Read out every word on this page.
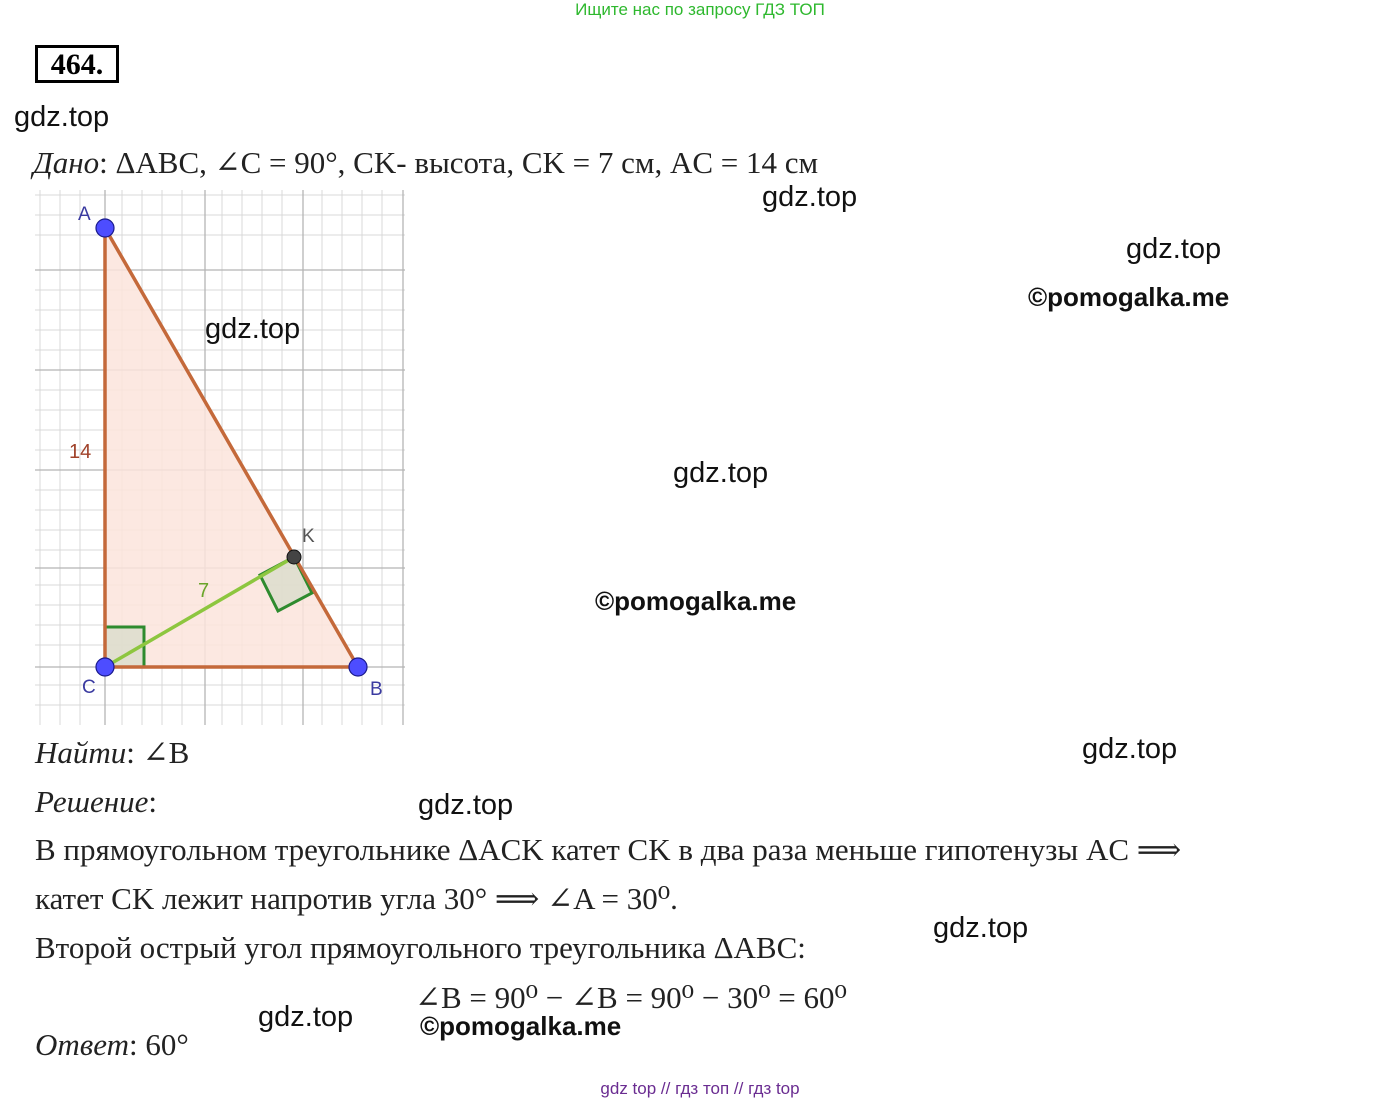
Ищите нас по запросу ГДЗ ТОП
464.
gdz.top
Дано: ΔABC, ∠C = 90°, CK- высота, CK = 7 см, AC = 14 см
gdz.top
gdz.top
©pomogalka.me
A
C	B
K
14
7
gdz.top
gdz.top
©pomogalka.me
Найти: ∠B	gdz.top
Решение:	gdz.top
В прямоугольном треугольнике ΔACK катет CK в два раза меньше гипотенузы AC ⟹
катет CK лежит напротив угла 30° ⟹ ∠A = 30⁰.
Второй острый угол прямоугольного треугольника ΔABC:
gdz.top
∠B = 90⁰ − ∠B = 90⁰ − 30⁰ = 60⁰
gdz.top	©pomogalka.me
Ответ: 60°
gdz top // гдз топ // гдз top
